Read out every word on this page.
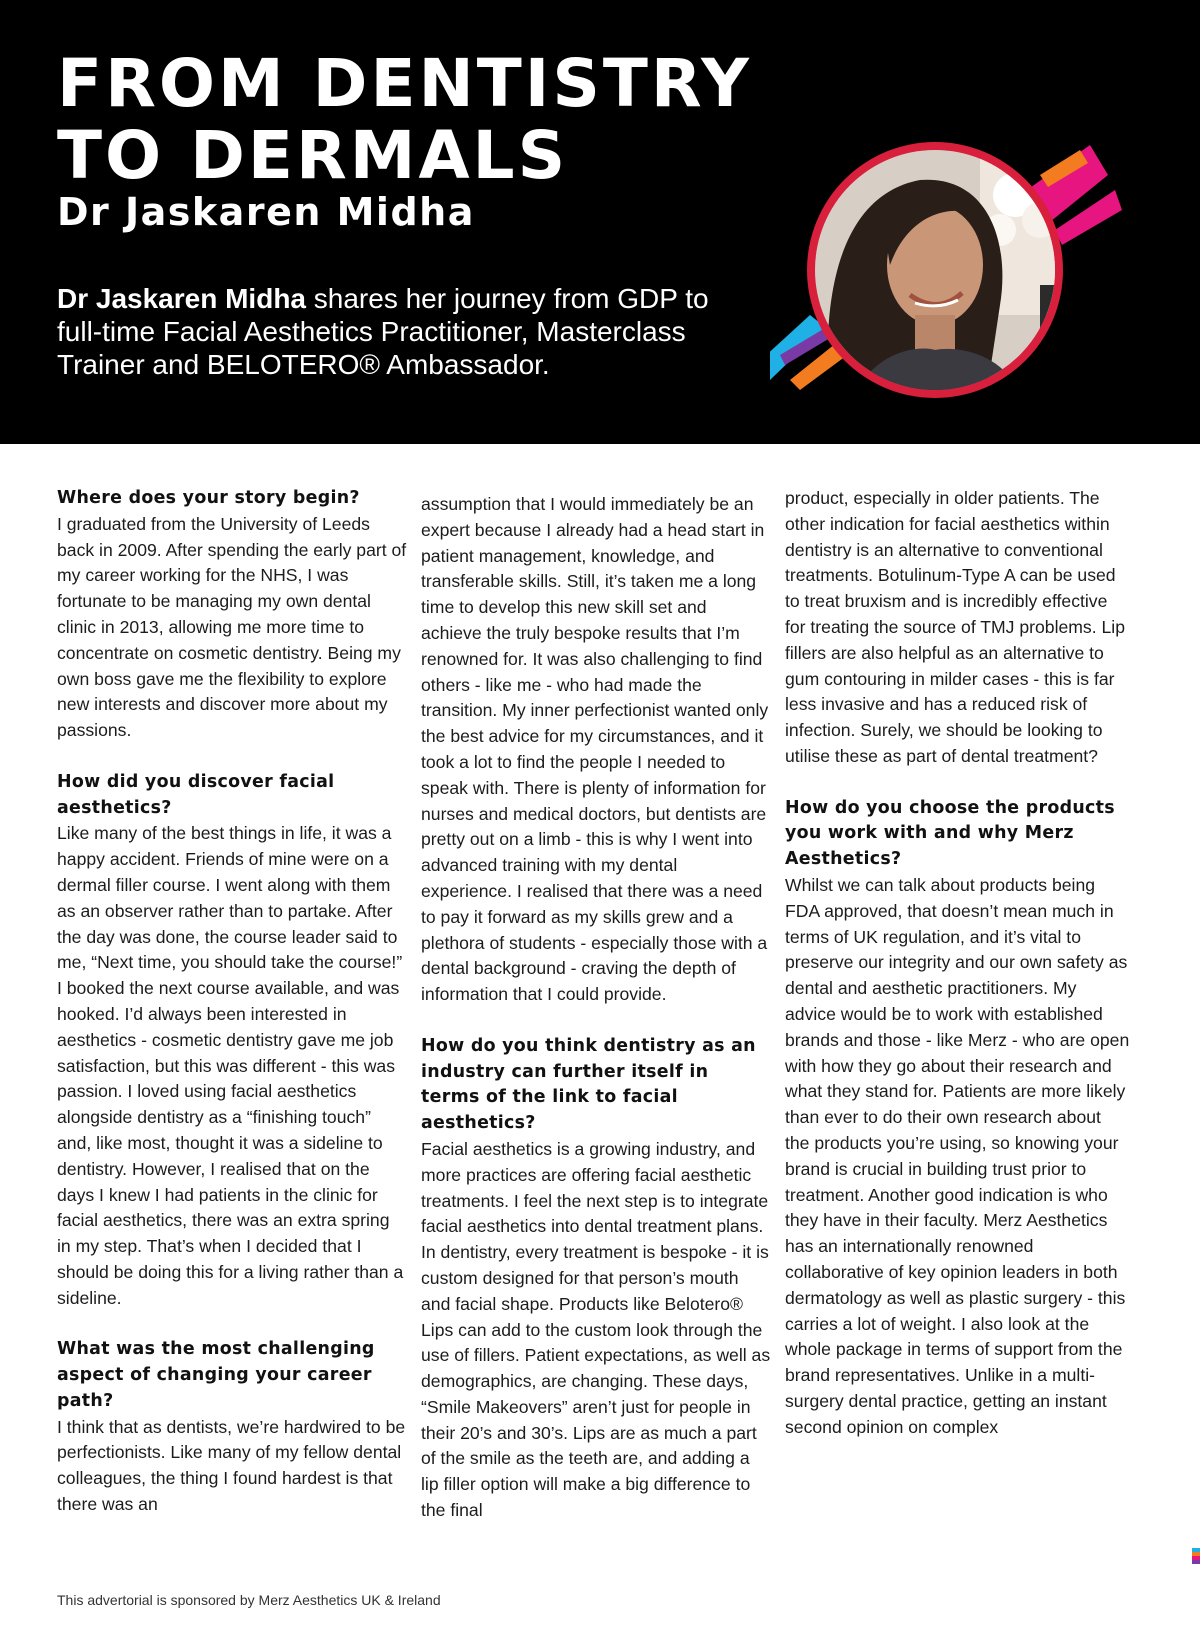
FROM DENTISTRY
TO DERMALS
Dr Jaskaren Midha

Dr Jaskaren Midha shares her journey from GDP to full-time Facial Aesthetics Practitioner, Masterclass Trainer and BELOTERO® Ambassador.

Where does your story begin?

I graduated from the University of Leeds back in 2009. After spending the early part of my career working for the NHS, I was fortunate to be managing my own dental clinic in 2013, allowing me more time to concentrate on cosmetic dentistry. Being my own boss gave me the flexibility to explore new interests and discover more about my passions.

How did you discover facial aesthetics?

Like many of the best things in life, it was a happy accident. Friends of mine were on a dermal filler course. I went along with them as an observer rather than to partake. After the day was done, the course leader said to me, “Next time, you should take the course!” I booked the next course available, and was hooked. I’d always been interested in aesthetics - cosmetic dentistry gave me job satisfaction, but this was different - this was passion. I loved using facial aesthetics alongside dentistry as a “finishing touch” and, like most, thought it was a sideline to dentistry. However, I realised that on the days I knew I had patients in the clinic for facial aesthetics, there was an extra spring in my step. That’s when I decided that I should be doing this for a living rather than a sideline.

What was the most challenging aspect of changing your career path?

I think that as dentists, we’re hardwired to be perfectionists. Like many of my fellow dental colleagues, the thing I found hardest is that there was an

assumption that I would immediately be an expert because I already had a head start in patient management, knowledge, and transferable skills. Still, it’s taken me a long time to develop this new skill set and achieve the truly bespoke results that I’m renowned for. It was also challenging to find others - like me - who had made the transition. My inner perfectionist wanted only the best advice for my circumstances, and it took a lot to find the people I needed to speak with. There is plenty of information for nurses and medical doctors, but dentists are pretty out on a limb - this is why I went into advanced training with my dental experience. I realised that there was a need to pay it forward as my skills grew and a plethora of students - especially those with a dental background - craving the depth of information that I could provide.

How do you think dentistry as an industry can further itself in terms of the link to facial aesthetics?

Facial aesthetics is a growing industry, and more practices are offering facial aesthetic treatments. I feel the next step is to integrate facial aesthetics into dental treatment plans. In dentistry, every treatment is bespoke - it is custom designed for that person’s mouth and facial shape. Products like Belotero® Lips can add to the custom look through the use of fillers. Patient expectations, as well as demographics, are changing. These days, “Smile Makeovers” aren’t just for people in their 20’s and 30’s. Lips are as much a part of the smile as the teeth are, and adding a lip filler option will make a big difference to the final

product, especially in older patients. The other indication for facial aesthetics within dentistry is an alternative to conventional treatments. Botulinum-Type A can be used to treat bruxism and is incredibly effective for treating the source of TMJ problems. Lip fillers are also helpful as an alternative to gum contouring in milder cases - this is far less invasive and has a reduced risk of infection. Surely, we should be looking to utilise these as part of dental treatment?

How do you choose the products you work with and why Merz Aesthetics?

Whilst we can talk about products being FDA approved, that doesn’t mean much in terms of UK regulation, and it’s vital to preserve our integrity and our own safety as dental and aesthetic practitioners. My advice would be to work with established brands and those - like Merz - who are open with how they go about their research and what they stand for. Patients are more likely than ever to do their own research about the products you’re using, so knowing your brand is crucial in building trust prior to treatment. Another good indication is who they have in their faculty. Merz Aesthetics has an internationally renowned collaborative of key opinion leaders in both dermatology as well as plastic surgery - this carries a lot of weight. I also look at the whole package in terms of support from the brand representatives. Unlike in a multi-surgery dental practice, getting an instant second opinion on complex

This advertorial is sponsored by Merz Aesthetics UK & Ireland
